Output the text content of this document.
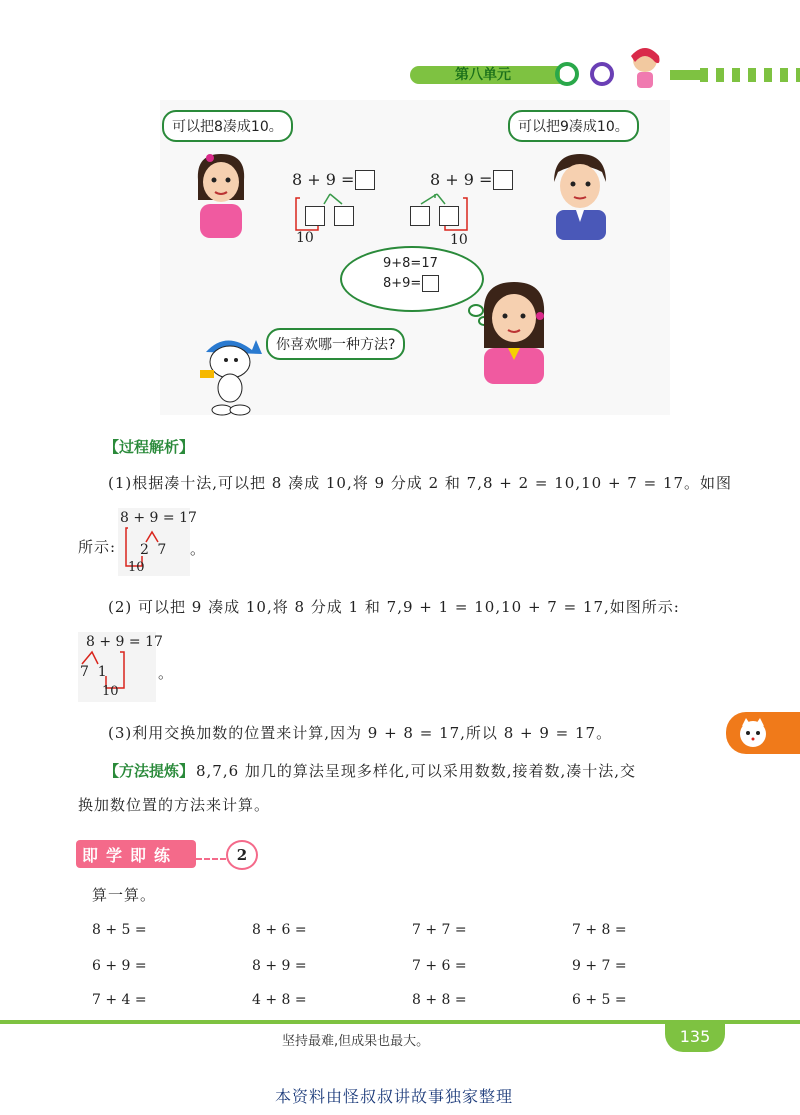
第八单元
可以把8凑成10。	可以把9凑成10。
8 + 9 =
10
8 + 9 =
10
9+8=17
8+9=
你喜欢哪一种方法?
【过程解析】
(1)根据凑十法,可以把 8 凑成 10,将 9 分成 2 和 7,8 + 2 = 10,10 + 7 = 17。如图
所示:
8 + 9 = 17
2 7
10
。
(2) 可以把 9 凑成 10,将 8 分成 1 和 7,9 + 1 = 10,10 + 7 = 17,如图所示:
8 + 9 = 17
7  1
10
。
(3)利用交换加数的位置来计算,因为 9 + 8 = 17,所以 8 + 9 = 17。
【方法提炼】 8,7,6 加几的算法呈现多样化,可以采用数数,接着数,凑十法,交
换加数位置的方法来计算。
即学即练	2
算一算。
8 + 5 =	8 + 6 =	7 + 7 =	7 + 8 =
6 + 9 =	8 + 9 =	7 + 6 =	9 + 7 =
7 + 4 =	4 + 8 =	8 + 8 =	6 + 5 =
坚持最难,但成果也最大。	135
本资料由怪叔叔讲故事独家整理
